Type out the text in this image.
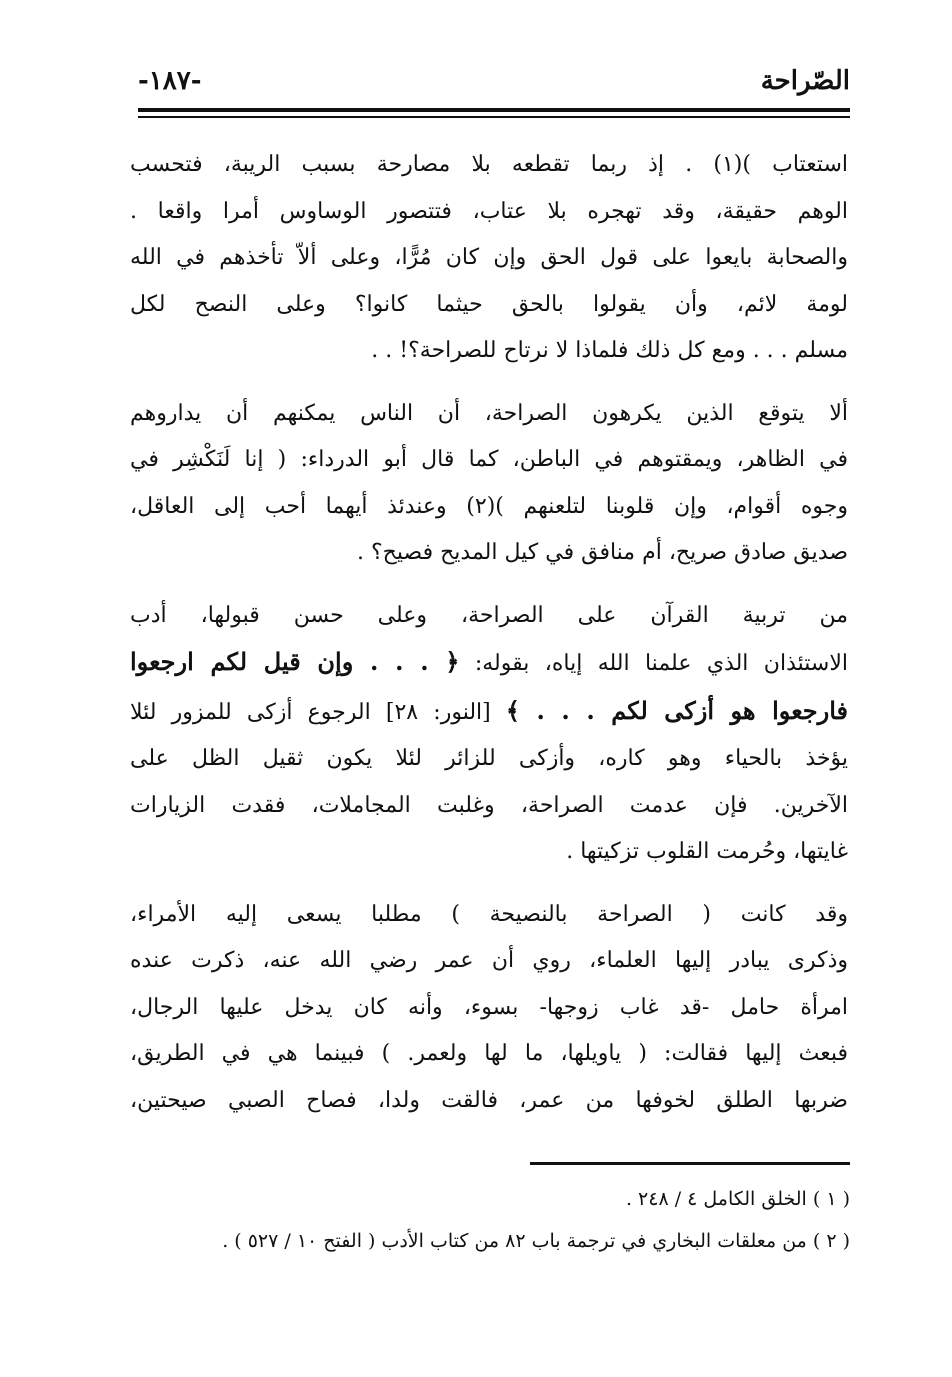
الصّراحة
-١٨٧-
استعتاب )(١) . إذ ربما تقطعه بلا مصارحة بسبب الريبة، فتحسب
الوهم حقيقة، وقد تهجره بلا عتاب، فتتصور الوساوس أمرا واقعا .
والصحابة بايعوا على قول الحق وإن كان مُرًّا، وعلى ألاّ تأخذهم في الله
لومة لائم، وأن يقولوا بالحق حيثما كانوا؟ وعلى النصح لكل
مسلم . . . ومع كل ذلك فلماذا لا نرتاح للصراحة؟! . .
ألا يتوقع الذين يكرهون الصراحة، أن الناس يمكنهم أن يداروهم
في الظاهر، ويمقتوهم في الباطن، كما قال أبو الدرداء: ( إنا لَنَكْشِر في
وجوه أقوام، وإن قلوبنا لتلعنهم )(٢) وعندئذ أيهما أحب إلى العاقل،
صديق صادق صريح، أم منافق في كيل المديح فصيح؟ .
من تربية القرآن على الصراحة، وعلى حسن قبولها، أدب
الاستئذان الذي علمنا الله إياه، بقوله: ﴿ . . . وإن قيل لكم ارجعوا
فارجعوا هو أزكى لكم . . . ﴾ [النور: ٢٨] الرجوع أزكى للمزور لئلا
يؤخذ بالحياء وهو كاره، وأزكى للزائر لئلا يكون ثقيل الظل على
الآخرين. فإن عدمت الصراحة، وغلبت المجاملات، فقدت الزيارات
غايتها، وحُرمت القلوب تزكيتها .
وقد كانت ( الصراحة بالنصيحة ) مطلبا يسعى إليه الأمراء،
وذكرى يبادر إليها العلماء، روي أن عمر رضي الله عنه، ذكرت عنده
امرأة حامل -قد غاب زوجها- بسوء، وأنه كان يدخل عليها الرجال،
فبعث إليها فقالت: ( ياويلها، ما لها ولعمر. ) فبينما هي في الطريق،
ضربها الطلق لخوفها من عمر، فالقت ولدا، فصاح الصبي صيحتين،
( ١ ) الخلق الكامل ٤ / ٢٤٨ .
( ٢ ) من معلقات البخاري في ترجمة باب ٨٢ من كتاب الأدب ( الفتح ١٠ / ٥٢٧ ) .
